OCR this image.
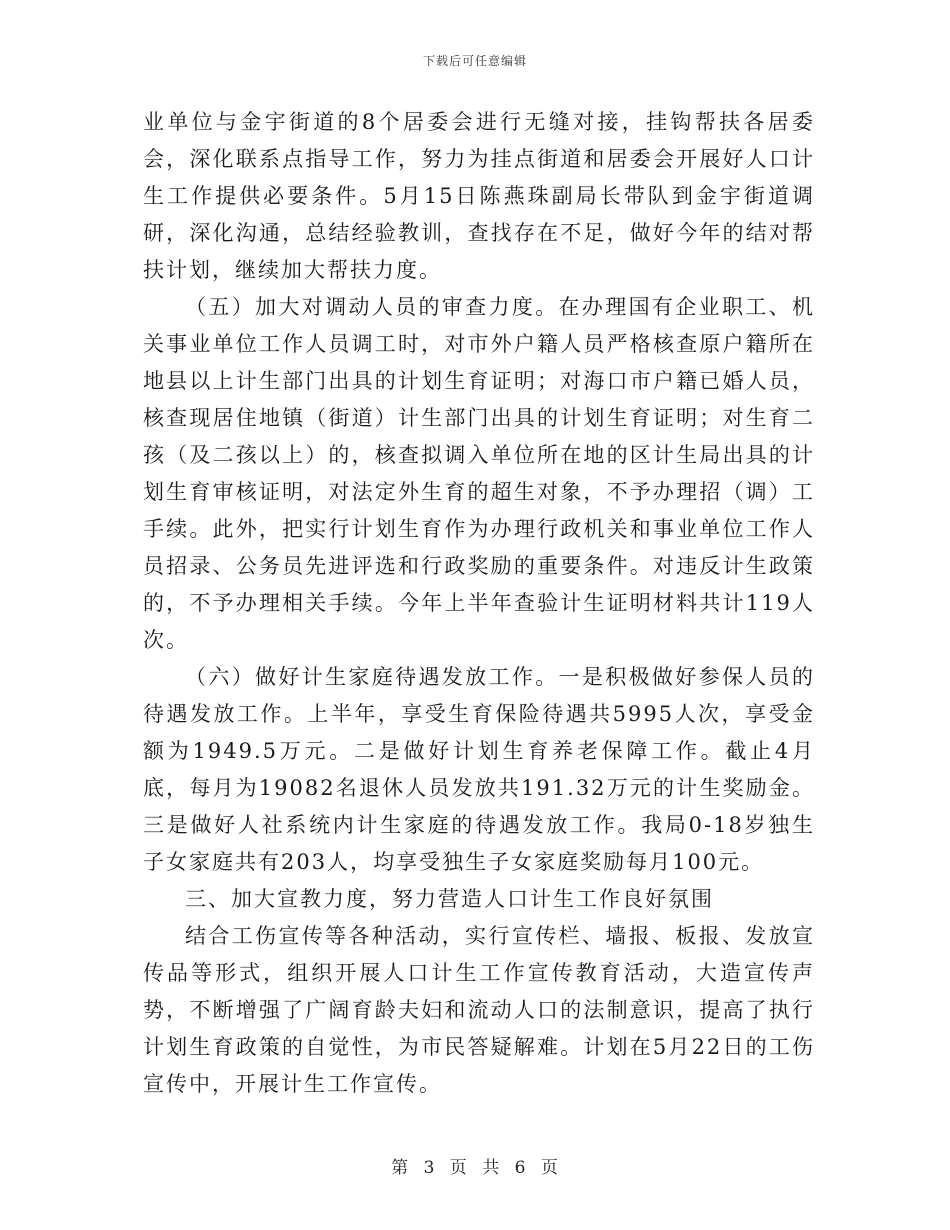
下载后可任意编辑

业单位与金宇街道的8个居委会进行无缝对接，挂钩帮扶各居委会，深化联系点指导工作，努力为挂点街道和居委会开展好人口计生工作提供必要条件。5月15日陈燕珠副局长带队到金宇街道调研，深化沟通，总结经验教训，查找存在不足，做好今年的结对帮扶计划，继续加大帮扶力度。

（五）加大对调动人员的审查力度。在办理国有企业职工、机关事业单位工作人员调工时，对市外户籍人员严格核查原户籍所在地县以上计生部门出具的计划生育证明；对海口市户籍已婚人员，核查现居住地镇（街道）计生部门出具的计划生育证明；对生育二孩（及二孩以上）的，核查拟调入单位所在地的区计生局出具的计划生育审核证明，对法定外生育的超生对象，不予办理招（调）工手续。此外，把实行计划生育作为办理行政机关和事业单位工作人员招录、公务员先进评选和行政奖励的重要条件。对违反计生政策的，不予办理相关手续。今年上半年查验计生证明材料共计119人次。

（六）做好计生家庭待遇发放工作。一是积极做好参保人员的待遇发放工作。上半年，享受生育保险待遇共5995人次，享受金额为1949.5万元。二是做好计划生育养老保障工作。截止4月底，每月为19082名退休人员发放共191.32万元的计生奖励金。三是做好人社系统内计生家庭的待遇发放工作。我局0-18岁独生子女家庭共有203人，均享受独生子女家庭奖励每月100元。

三、加大宣教力度，努力营造人口计生工作良好氛围

结合工伤宣传等各种活动，实行宣传栏、墙报、板报、发放宣传品等形式，组织开展人口计生工作宣传教育活动，大造宣传声势，不断增强了广阔育龄夫妇和流动人口的法制意识，提高了执行计划生育政策的自觉性，为市民答疑解难。计划在5月22日的工伤宣传中，开展计生工作宣传。

第 3 页 共 6 页
